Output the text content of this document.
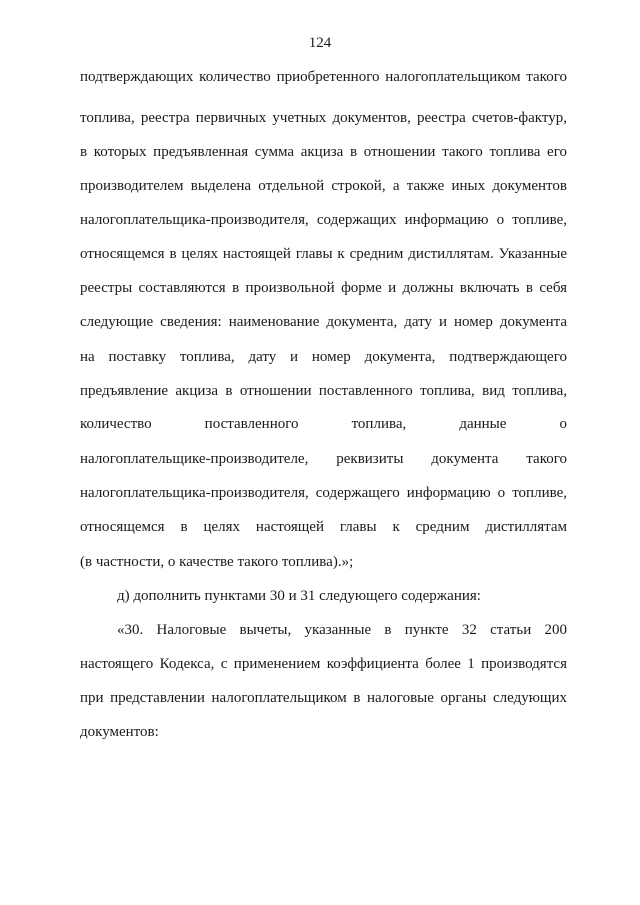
124
подтверждающих количество приобретенного налогоплательщиком такого
топлива, реестра первичных учетных документов, реестра счетов-фактур,
в которых предъявленная сумма акциза в отношении такого топлива его
производителем выделена отдельной строкой, а также иных документов
налогоплательщика-производителя, содержащих информацию о топливе,
относящемся в целях настоящей главы к средним дистиллятам. Указанные
реестры составляются в произвольной форме и должны включать в себя
следующие сведения: наименование документа, дату и номер документа
на поставку топлива, дату и номер документа, подтверждающего
предъявление акциза в отношении поставленного топлива, вид топлива,
количество поставленного топлива, данные о
налогоплательщике-производителе, реквизиты документа такого
налогоплательщика-производителя, содержащего информацию о топливе,
относящемся в целях настоящей главы к средним дистиллятам
(в частности, о качестве такого топлива).»;
д) дополнить пунктами 30 и 31 следующего содержания:
«30. Налоговые вычеты, указанные в пункте 32 статьи 200
настоящего Кодекса, с применением коэффициента более 1 производятся
при представлении налогоплательщиком в налоговые органы следующих
документов:
